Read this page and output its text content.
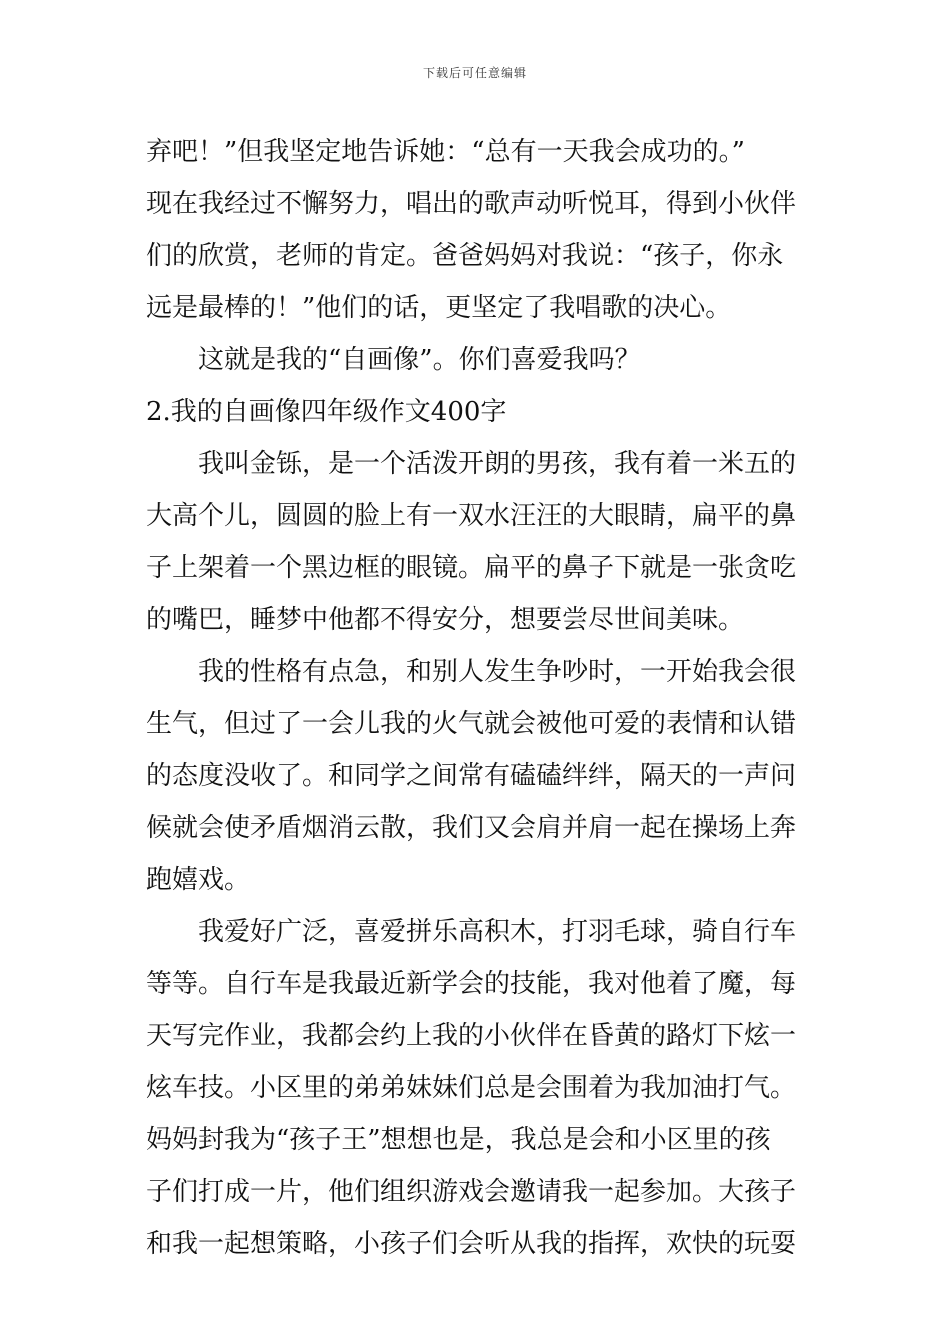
下载后可任意编辑
弃吧！”但我坚定地告诉她：“总有一天我会成功的。”
现在我经过不懈努力，唱出的歌声动听悦耳，得到小伙伴
们的欣赏，老师的肯定。爸爸妈妈对我说：“孩子，你永
远是最棒的！”他们的话，更坚定了我唱歌的决心。
这就是我的“自画像”。你们喜爱我吗？
2.我的自画像四年级作文400字
我叫金铄，是一个活泼开朗的男孩，我有着一米五的
大高个儿，圆圆的脸上有一双水汪汪的大眼睛，扁平的鼻
子上架着一个黑边框的眼镜。扁平的鼻子下就是一张贪吃
的嘴巴，睡梦中他都不得安分，想要尝尽世间美味。
我的性格有点急，和别人发生争吵时，一开始我会很
生气，但过了一会儿我的火气就会被他可爱的表情和认错
的态度没收了。和同学之间常有磕磕绊绊，隔天的一声问
候就会使矛盾烟消云散，我们又会肩并肩一起在操场上奔
跑嬉戏。
我爱好广泛，喜爱拼乐高积木，打羽毛球，骑自行车
等等。自行车是我最近新学会的技能，我对他着了魔，每
天写完作业，我都会约上我的小伙伴在昏黄的路灯下炫一
炫车技。小区里的弟弟妹妹们总是会围着为我加油打气。
妈妈封我为“孩子王”想想也是，我总是会和小区里的孩
子们打成一片，他们组织游戏会邀请我一起参加。大孩子
和我一起想策略，小孩子们会听从我的指挥，欢快的玩耍
